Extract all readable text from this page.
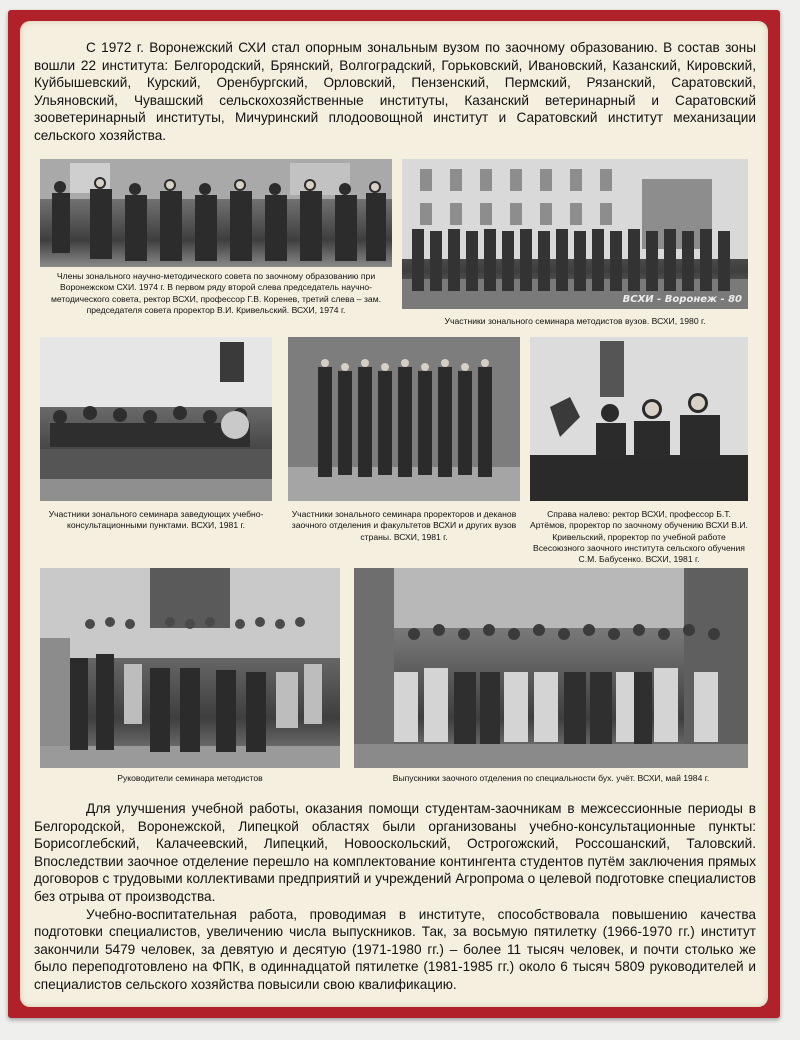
С 1972 г. Воронежский СХИ стал опорным зональным вузом по заочному образованию. В состав зоны вошли 22 института: Белгородский, Брянский, Волгоградский, Горьковский, Ивановский, Казанский, Кировский, Куйбышевский, Курский, Оренбургский, Орловский, Пензенский, Пермский, Рязанский, Саратовский, Ульяновский, Чувашский сельскохозяйственные институты, Казанский ветеринарный и Саратовский зооветеринарный институты, Мичуринский плодоовощной институт и Саратовский институт механизации сельского хозяйства.

Члены зонального научно-методического совета по заочному образованию при Воронежском СХИ. 1974 г. В первом ряду второй слева председатель научно-методического совета, ректор ВСХИ, профессор Г.В. Коренев, третий слева – зам. председателя совета проректор В.И. Кривельский. ВСХИ, 1974 г.
ВСХИ - Воронеж - 80
Участники зонального семинара методистов вузов. ВСХИ, 1980 г.
Участники зонального семинара заведующих учебно-консультационными пунктами. ВСХИ, 1981 г.
Участники зонального семинара проректоров и деканов заочного отделения и факультетов ВСХИ и других вузов страны. ВСХИ, 1981 г.
Справа налево: ректор ВСХИ, профессор Б.Т. Артёмов, проректор по заочному обучению ВСХИ В.И. Кривельский, проректор по учебной работе Всесоюзного заочного института сельского обучения С.М. Бабусенко. ВСХИ, 1981 г.
Руководители семинара методистов	Выпускники заочного отделения по специальности бух. учёт. ВСХИ, май 1984 г.

Для улучшения учебной работы, оказания помощи студентам-заочникам в межсессионные периоды в Белгородской, Воронежской, Липецкой областях были организованы учебно-консультационные пункты: Борисоглебский, Калачеевский, Липецкий, Новооскольский, Острогожский, Россошанский, Таловский. Впоследствии заочное отделение перешло на комплектование контингента студентов путём заключения прямых договоров с трудовыми коллективами предприятий и учреждений Агропрома о целевой подготовке специалистов без отрыва от производства.

Учебно-воспитательная работа, проводимая в институте, способствовала повышению качества подготовки специалистов, увеличению числа выпускников. Так, за восьмую пятилетку (1966-1970 гг.) институт закончили 5479 человек, за девятую и десятую (1971-1980 гг.) – более 11 тысяч человек, и почти столько же было переподготовлено на ФПК, в одиннадцатой пятилетке (1981-1985 гг.) около 6 тысяч 5809 руководителей и специалистов сельского хозяйства повысили свою квалификацию.
